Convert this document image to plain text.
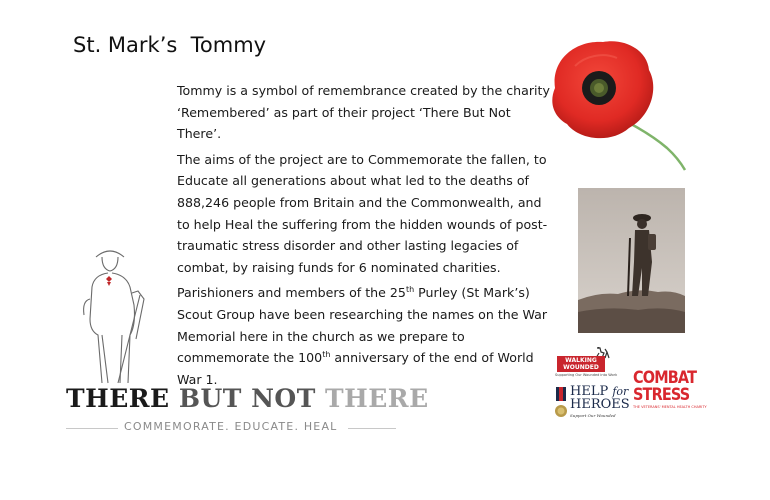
St. Mark’s  Tommy

Tommy is a symbol of remembrance created by the charity ‘Remembered’ as part of their project ‘There But Not There’.

The aims of the project are to Commemorate the fallen, to Educate all generations about what led to the deaths of 888,246 people from Britain and the Commonwealth, and to help Heal the suffering from the hidden wounds of post-traumatic stress disorder and other lasting legacies of combat, by raising funds for 6 nominated charities.

Parishioners and members of the 25th Purley (St Mark’s) Scout Group have been researching the names on the War Memorial here in the church as we prepare to commemorate the 100th anniversary of the end of World War 1.

THERE BUT NOT THERE
COMMEMORATE. EDUCATE. HEAL
WALKING
WOUNDED
Supporting Our Wounded into Work
HELP for
HEROES
Support Our Wounded
COMBAT
STRESS
THE VETERANS' MENTAL HEALTH CHARITY
